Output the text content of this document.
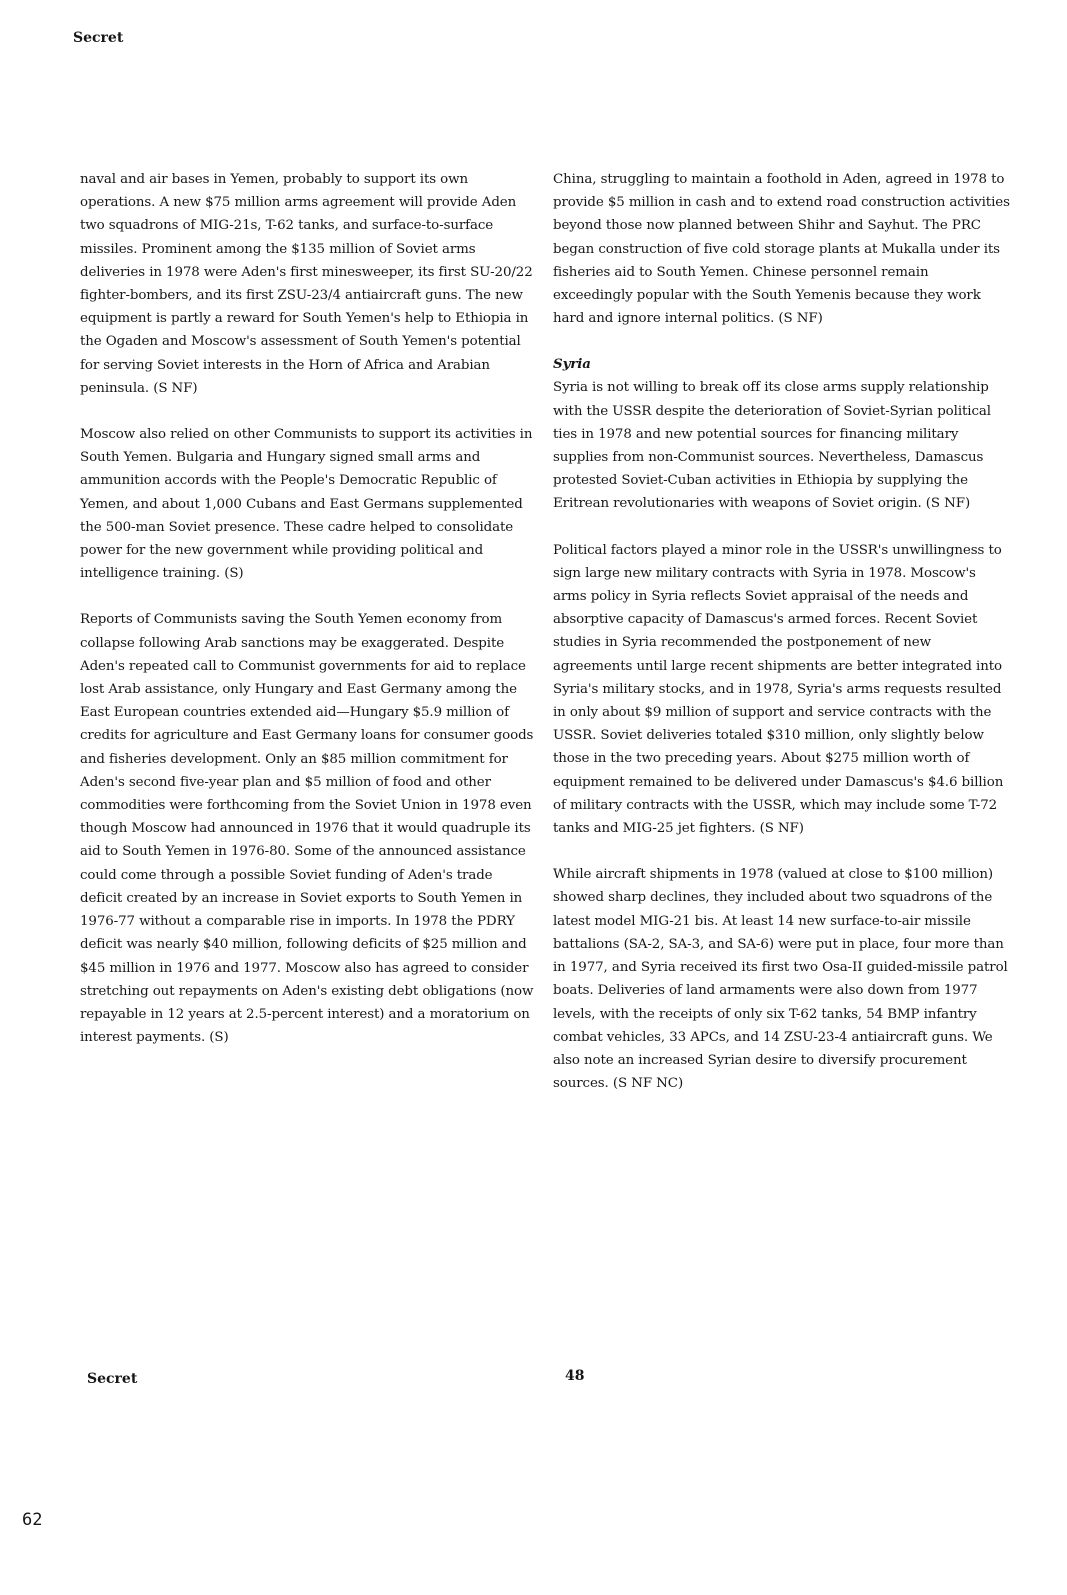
Secret

naval and air bases in Yemen, probably to support its own operations. A new $75 million arms agreement will provide Aden two squadrons of MIG-21s, T-62 tanks, and surface-to-surface missiles. Prominent among the $135 million of Soviet arms deliveries in 1978 were Aden's first minesweeper, its first SU-20/22 fighter-bombers, and its first ZSU-23/4 antiaircraft guns. The new equipment is partly a reward for South Yemen's help to Ethiopia in the Ogaden and Moscow's assessment of South Yemen's potential for serving Soviet interests in the Horn of Africa and Arabian peninsula. (S NF)

Moscow also relied on other Communists to support its activities in South Yemen. Bulgaria and Hungary signed small arms and ammunition accords with the People's Democratic Republic of Yemen, and about 1,000 Cubans and East Germans supplemented the 500-man Soviet presence. These cadre helped to consolidate power for the new government while providing political and intelligence training. (S)

Reports of Communists saving the South Yemen economy from collapse following Arab sanctions may be exaggerated. Despite Aden's repeated call to Communist governments for aid to replace lost Arab assistance, only Hungary and East Germany among the East European countries extended aid—Hungary $5.9 million of credits for agriculture and East Germany loans for consumer goods and fisheries development. Only an $85 million commitment for Aden's second five-year plan and $5 million of food and other commodities were forthcoming from the Soviet Union in 1978 even though Moscow had announced in 1976 that it would quadruple its aid to South Yemen in 1976-80. Some of the announced assistance could come through a possible Soviet funding of Aden's trade deficit created by an increase in Soviet exports to South Yemen in 1976-77 without a comparable rise in imports. In 1978 the PDRY deficit was nearly $40 million, following deficits of $25 million and $45 million in 1976 and 1977. Moscow also has agreed to consider stretching out repayments on Aden's existing debt obligations (now repayable in 12 years at 2.5-percent interest) and a moratorium on interest payments. (S)

China, struggling to maintain a foothold in Aden, agreed in 1978 to provide $5 million in cash and to extend road construction activities beyond those now planned between Shihr and Sayhut. The PRC began construction of five cold storage plants at Mukalla under its fisheries aid to South Yemen. Chinese personnel remain exceedingly popular with the South Yemenis because they work hard and ignore internal politics. (S NF)

Syria

Syria is not willing to break off its close arms supply relationship with the USSR despite the deterioration of Soviet-Syrian political ties in 1978 and new potential sources for financing military supplies from non-Communist sources. Nevertheless, Damascus protested Soviet-Cuban activities in Ethiopia by supplying the Eritrean revolutionaries with weapons of Soviet origin. (S NF)

Political factors played a minor role in the USSR's unwillingness to sign large new military contracts with Syria in 1978. Moscow's arms policy in Syria reflects Soviet appraisal of the needs and absorptive capacity of Damascus's armed forces. Recent Soviet studies in Syria recommended the postponement of new agreements until large recent shipments are better integrated into Syria's military stocks, and in 1978, Syria's arms requests resulted in only about $9 million of support and service contracts with the USSR. Soviet deliveries totaled $310 million, only slightly below those in the two preceding years. About $275 million worth of equipment remained to be delivered under Damascus's $4.6 billion of military contracts with the USSR, which may include some T-72 tanks and MIG-25 jet fighters. (S NF)

While aircraft shipments in 1978 (valued at close to $100 million) showed sharp declines, they included about two squadrons of the latest model MIG-21 bis. At least 14 new surface-to-air missile battalions (SA-2, SA-3, and SA-6) were put in place, four more than in 1977, and Syria received its first two Osa-II guided-missile patrol boats. Deliveries of land armaments were also down from 1977 levels, with the receipts of only six T-62 tanks, 54 BMP infantry combat vehicles, 33 APCs, and 14 ZSU-23-4 antiaircraft guns. We also note an increased Syrian desire to diversify procurement sources. (S NF NC)

Secret	48
62
